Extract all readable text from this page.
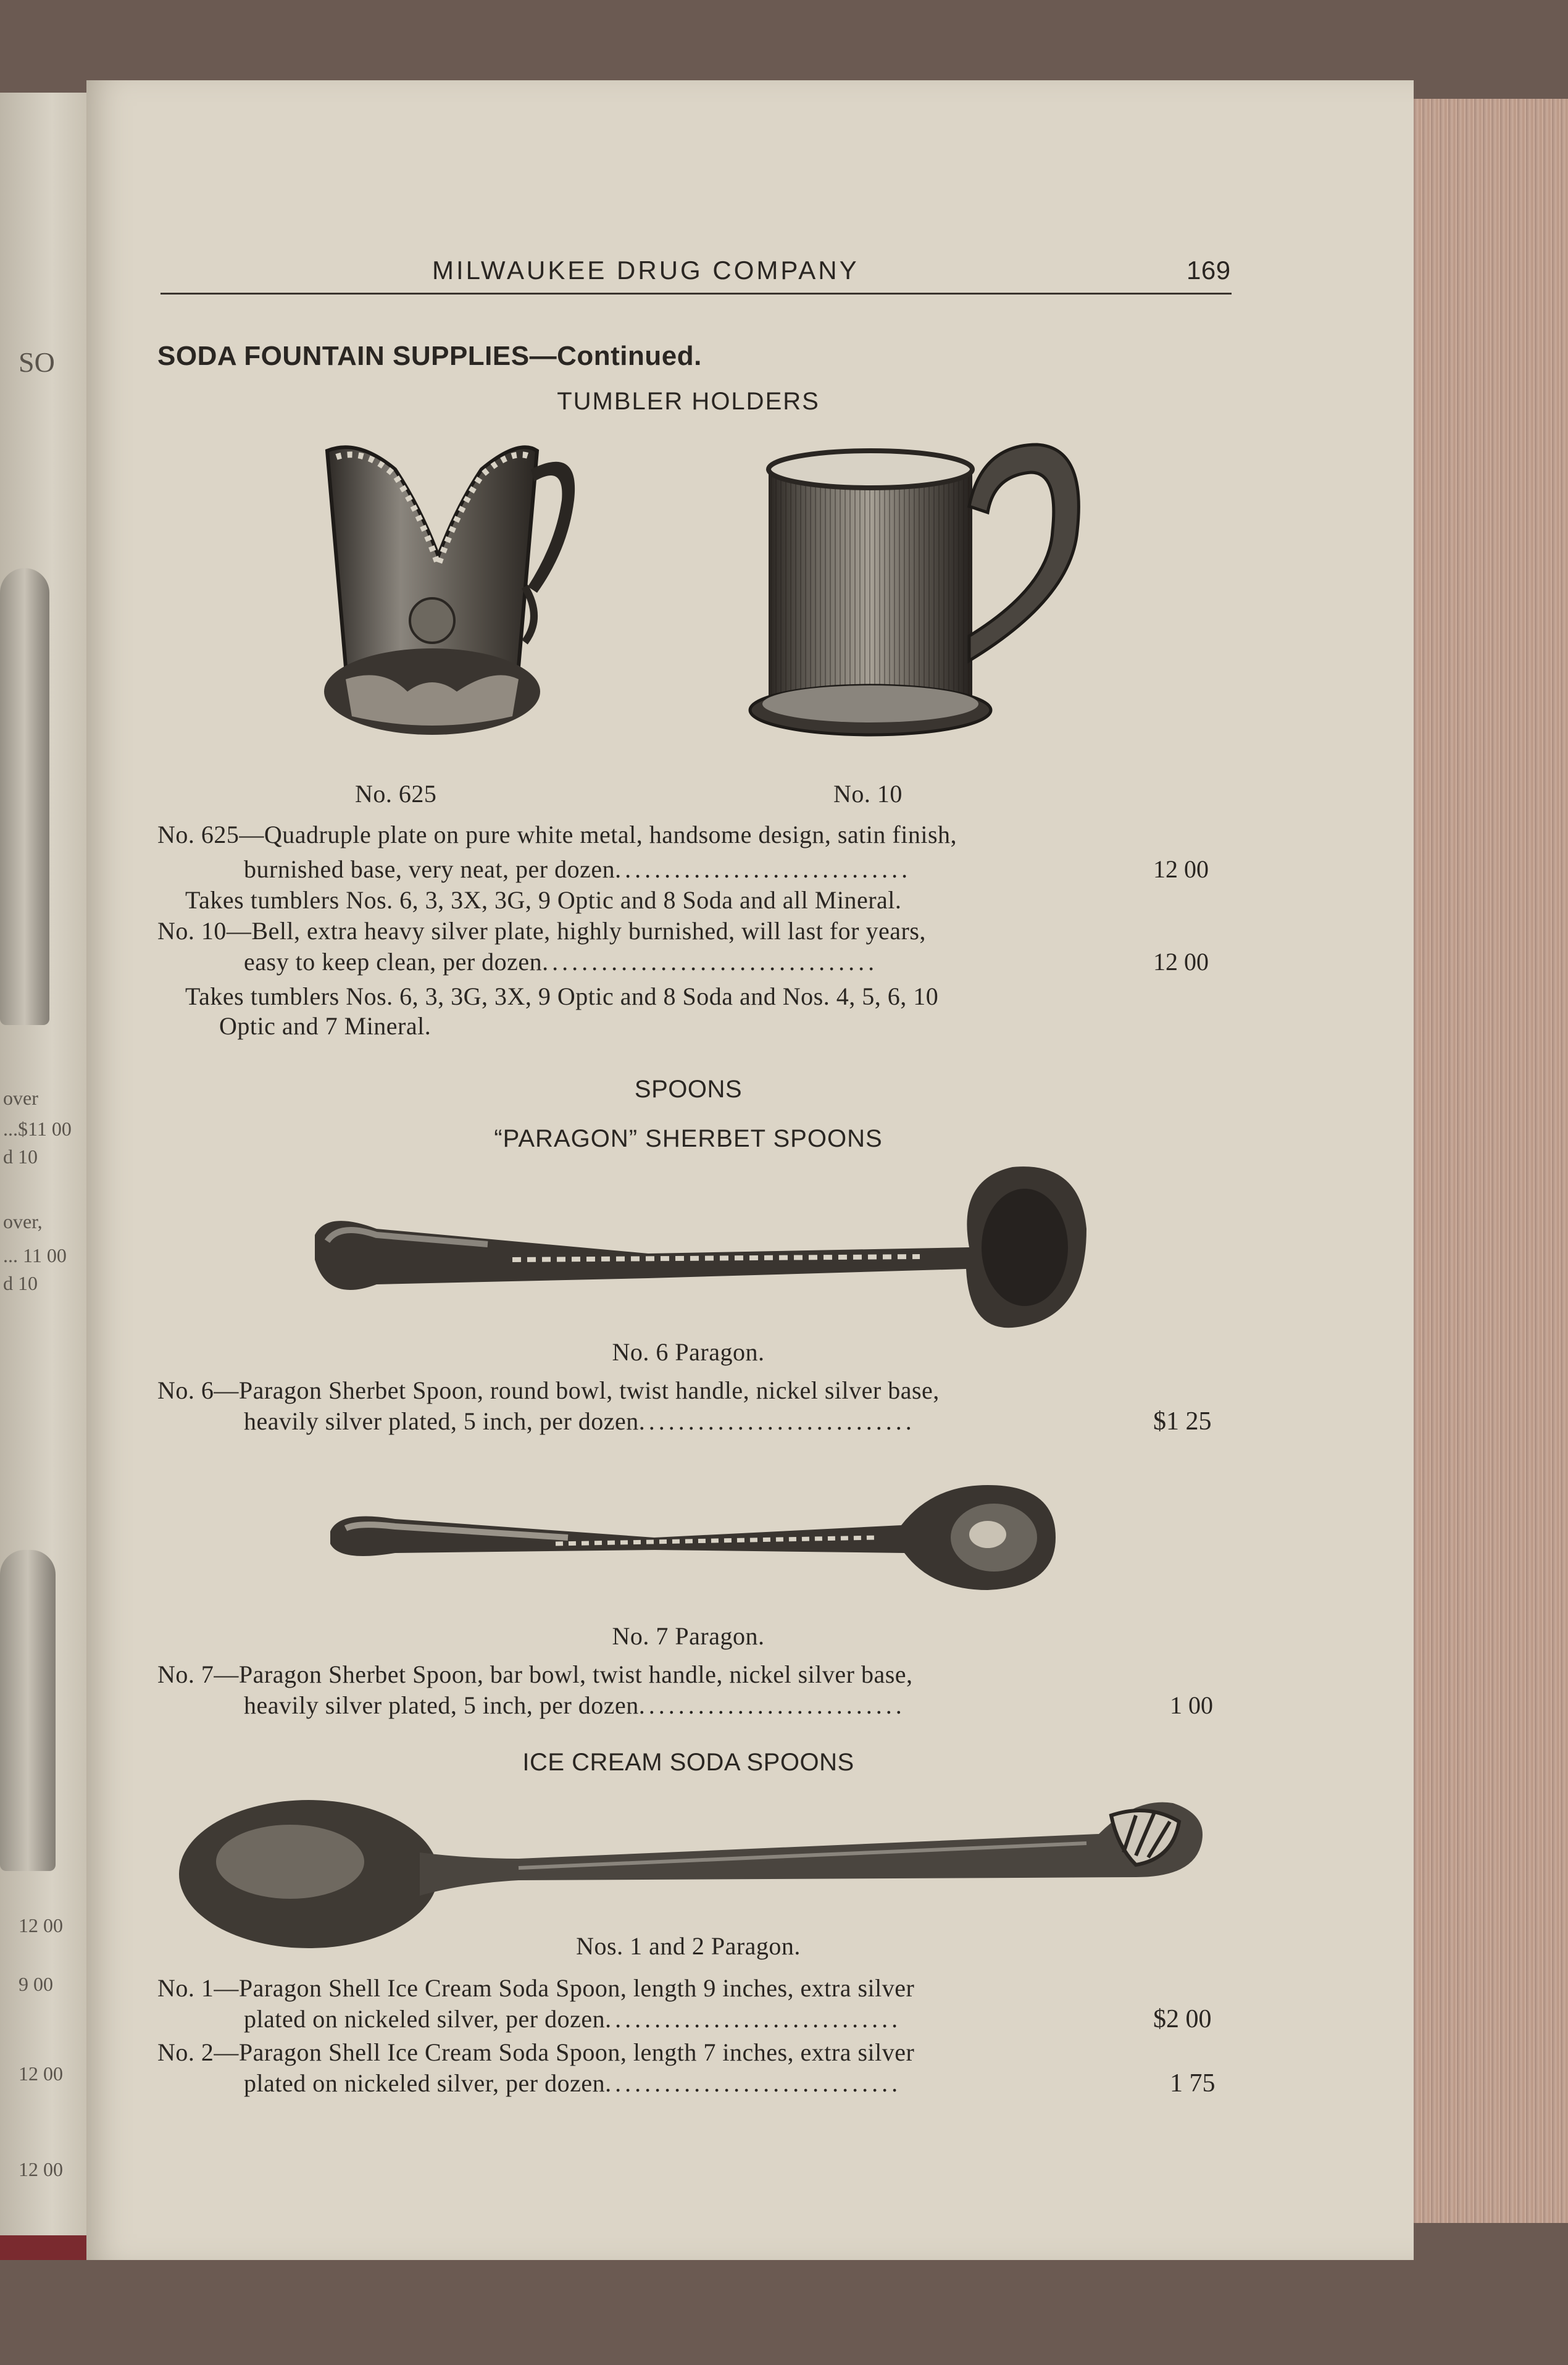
SO
over
...$11 00
d 10
over,
... 11 00
d 10
12 00
9 00
12 00
12 00
MILWAUKEE DRUG COMPANY	169
SODA FOUNTAIN SUPPLIES—Continued.
TUMBLER HOLDERS
No. 625	No. 10
No. 625—Quadruple plate on pure white metal, handsome design, satin finish,
burnished base, very neat, per dozen..............................	12 00
Takes tumblers Nos. 6, 3, 3X, 3G, 9 Optic and 8 Soda and all Mineral.
No. 10—Bell, extra heavy silver plate, highly burnished, will last for years,
easy to keep clean, per dozen..................................	12 00
Takes tumblers Nos. 6, 3, 3G, 3X, 9 Optic and 8 Soda and Nos. 4, 5, 6, 10
Optic and 7 Mineral.
SPOONS
“PARAGON” SHERBET SPOONS
No. 6 Paragon.
No. 6—Paragon Sherbet Spoon, round bowl, twist handle, nickel silver base,
heavily silver plated, 5 inch, per dozen............................	$1 25
No. 7 Paragon.
No. 7—Paragon Sherbet Spoon, bar bowl, twist handle, nickel silver base,
heavily silver plated, 5 inch, per dozen...........................	1 00
ICE CREAM SODA SPOONS
Nos. 1 and 2 Paragon.
No. 1—Paragon Shell Ice Cream Soda Spoon, length 9 inches, extra silver
plated on nickeled silver, per dozen..............................	$2 00
No. 2—Paragon Shell Ice Cream Soda Spoon, length 7 inches, extra silver
plated on nickeled silver, per dozen..............................	1 75
